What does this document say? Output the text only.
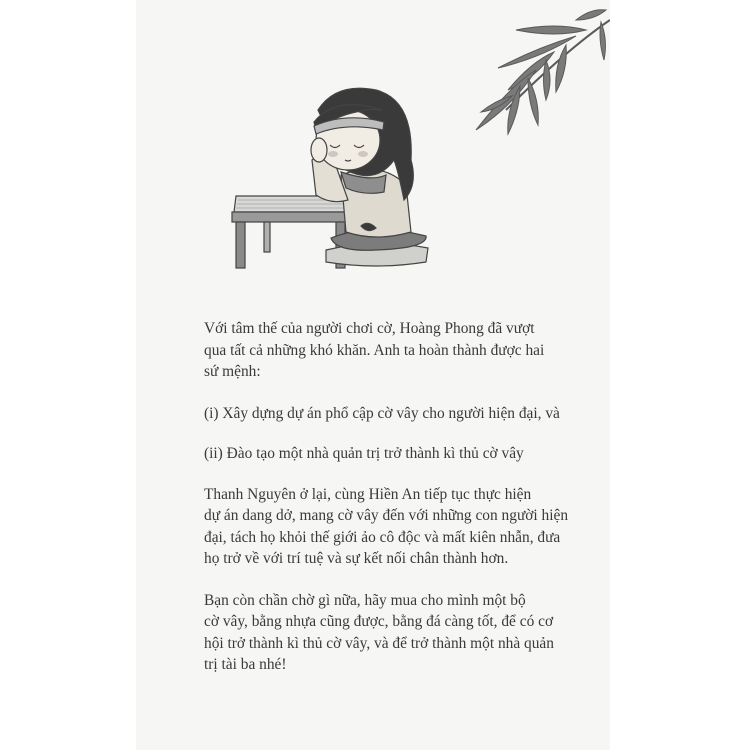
Với tâm thế của người chơi cờ, Hoàng Phong đã vượt
qua tất cả những khó khăn. Anh ta hoàn thành được hai
sứ mệnh:

(i) Xây dựng dự án phổ cập cờ vây cho người hiện đại, và

(ii) Đào tạo một nhà quản trị trở thành kì thủ cờ vây

Thanh Nguyên ở lại, cùng Hiền An tiếp tục thực hiện
dự án dang dở, mang cờ vây đến với những con người hiện
đại, tách họ khỏi thế giới ảo cô độc và mất kiên nhẫn, đưa
họ trở về với trí tuệ và sự kết nối chân thành hơn.

Bạn còn chần chờ gì nữa, hãy mua cho mình một bộ
cờ vây, bằng nhựa cũng được, bằng đá càng tốt, để có cơ
hội trở thành kì thủ cờ vây, và để trở thành một nhà quản
trị tài ba nhé!
